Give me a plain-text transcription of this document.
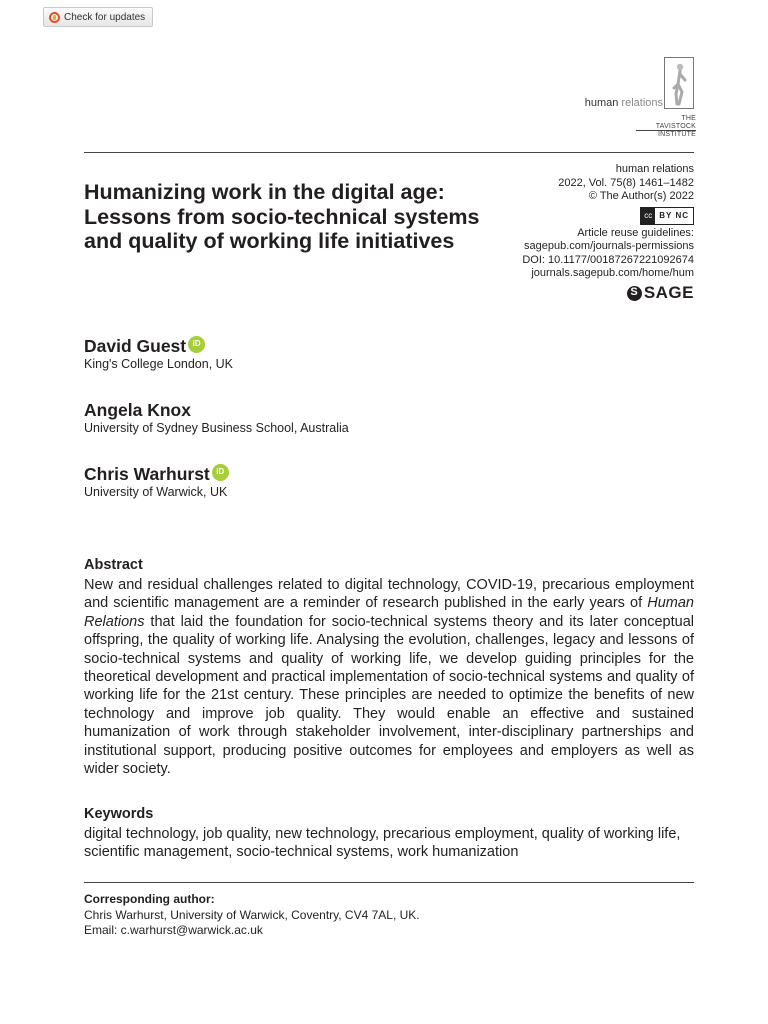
Check for updates
human relations
THE

TAVISTOCK
INSTITUTE
Humanizing work in the digital age: Lessons from socio-technical systems and quality of working life initiatives
human relations
2022, Vol. 75(8) 1461–1482
© The Author(s) 2022
cc BY NC
Article reuse guidelines:
sagepub.com/journals-permissions
DOI: 10.1177/00187267221092674
journals.sagepub.com/home/hum
S SAGE
David Guest iD
King's College London, UK
Angela Knox
University of Sydney Business School, Australia
Chris Warhurst iD
University of Warwick, UK
Abstract

New and residual challenges related to digital technology, COVID-19, precarious employment and scientific management are a reminder of research published in the early years of Human Relations that laid the foundation for socio-technical systems theory and its later conceptual offspring, the quality of working life. Analysing the evolution, challenges, legacy and lessons of socio-technical systems and quality of working life, we develop guiding principles for the theoretical development and practical implementation of socio-technical systems and quality of working life for the 21st century. These principles are needed to optimize the benefits of new technology and improve job quality. They would enable an effective and sustained humanization of work through stakeholder involvement, inter-disciplinary partnerships and institutional support, producing positive outcomes for employees and employers as well as wider society.

Keywords

digital technology, job quality, new technology, precarious employment, quality of working life, scientific management, socio-technical systems, work humanization

Corresponding author:
Chris Warhurst, University of Warwick, Coventry, CV4 7AL, UK.
Email: c.warhurst@warwick.ac.uk
